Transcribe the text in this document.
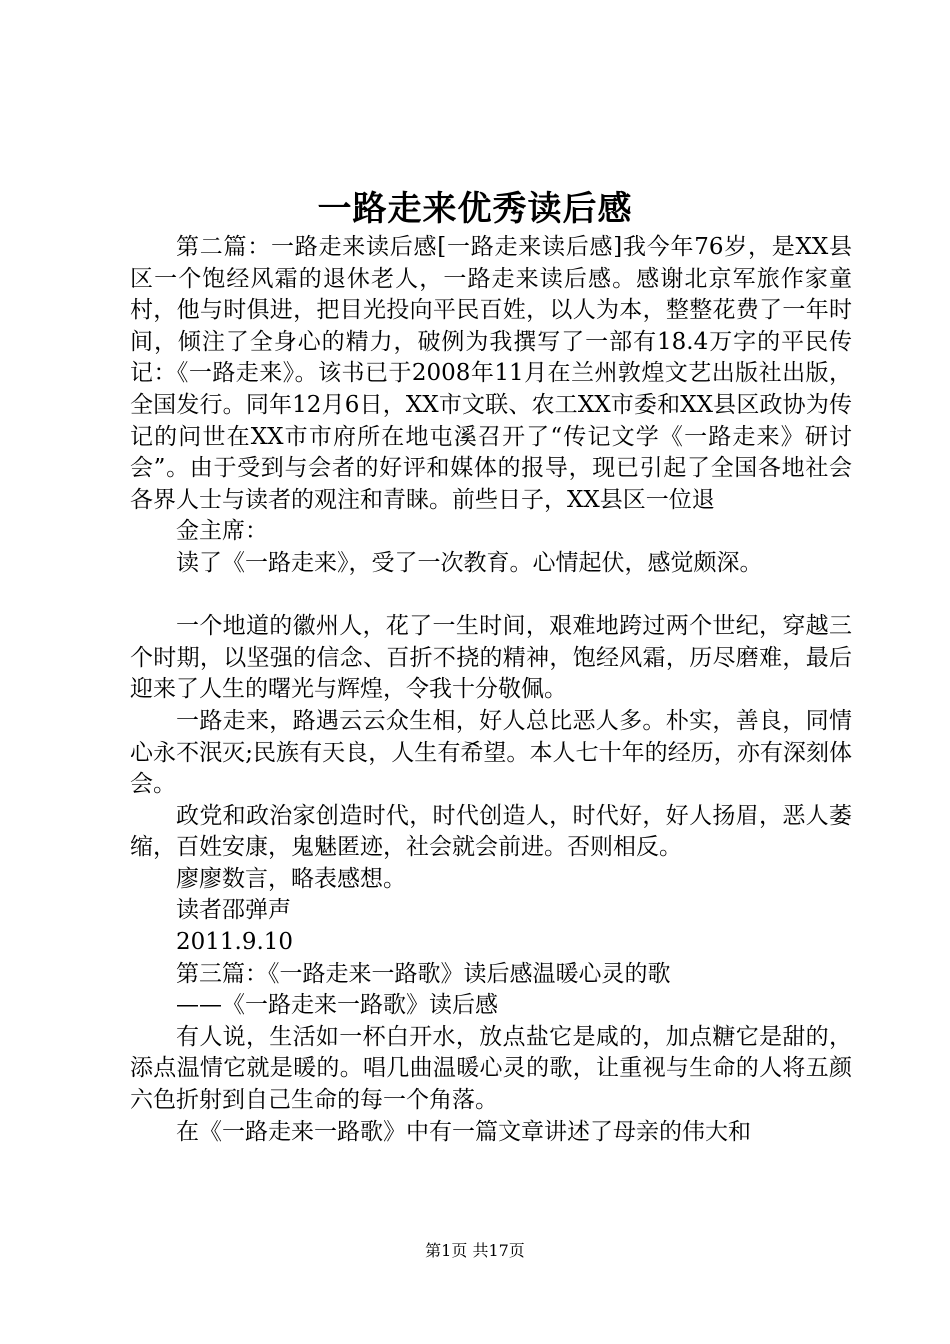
一路走来优秀读后感

第二篇：一路走来读后感[一路走来读后感]我今年76岁，是XX县区一个饱经风霜的退休老人，一路走来读后感。感谢北京军旅作家童村，他与时俱进，把目光投向平民百姓，以人为本，整整花费了一年时间，倾注了全身心的精力，破例为我撰写了一部有18.4万字的平民传记：《一路走来》。该书已于2008年11月在兰州敦煌文艺出版社出版，全国发行。同年12月6日，XX市文联、农工XX市委和XX县区政协为传记的问世在XX市市府所在地屯溪召开了“传记文学《一路走来》研讨会”。由于受到与会者的好评和媒体的报导，现已引起了全国各地社会各界人士与读者的观注和青睐。前些日子，XX县区一位退

金主席：

读了《一路走来》，受了一次教育。心情起伏，感觉颇深。

一个地道的徽州人，花了一生时间，艰难地跨过两个世纪，穿越三个时期，以坚强的信念、百折不挠的精神，饱经风霜，历尽磨难，最后迎来了人生的曙光与辉煌，令我十分敬佩。

一路走来，路遇云云众生相，好人总比恶人多。朴实，善良，同情心永不泯灭;民族有天良，人生有希望。本人七十年的经历，亦有深刻体会。

政党和政治家创造时代，时代创造人，时代好，好人扬眉，恶人萎缩，百姓安康，鬼魅匿迹，社会就会前进。否则相反。

廖廖数言，略表感想。

读者邵弹声

2011.9.10

第三篇：《一路走来一路歌》读后感温暖心灵的歌

——《一路走来一路歌》读后感

有人说，生活如一杯白开水，放点盐它是咸的，加点糖它是甜的，添点温情它就是暖的。唱几曲温暖心灵的歌，让重视与生命的人将五颜六色折射到自己生命的每一个角落。

在《一路走来一路歌》中有一篇文章讲述了母亲的伟大和

第1页 共17页
